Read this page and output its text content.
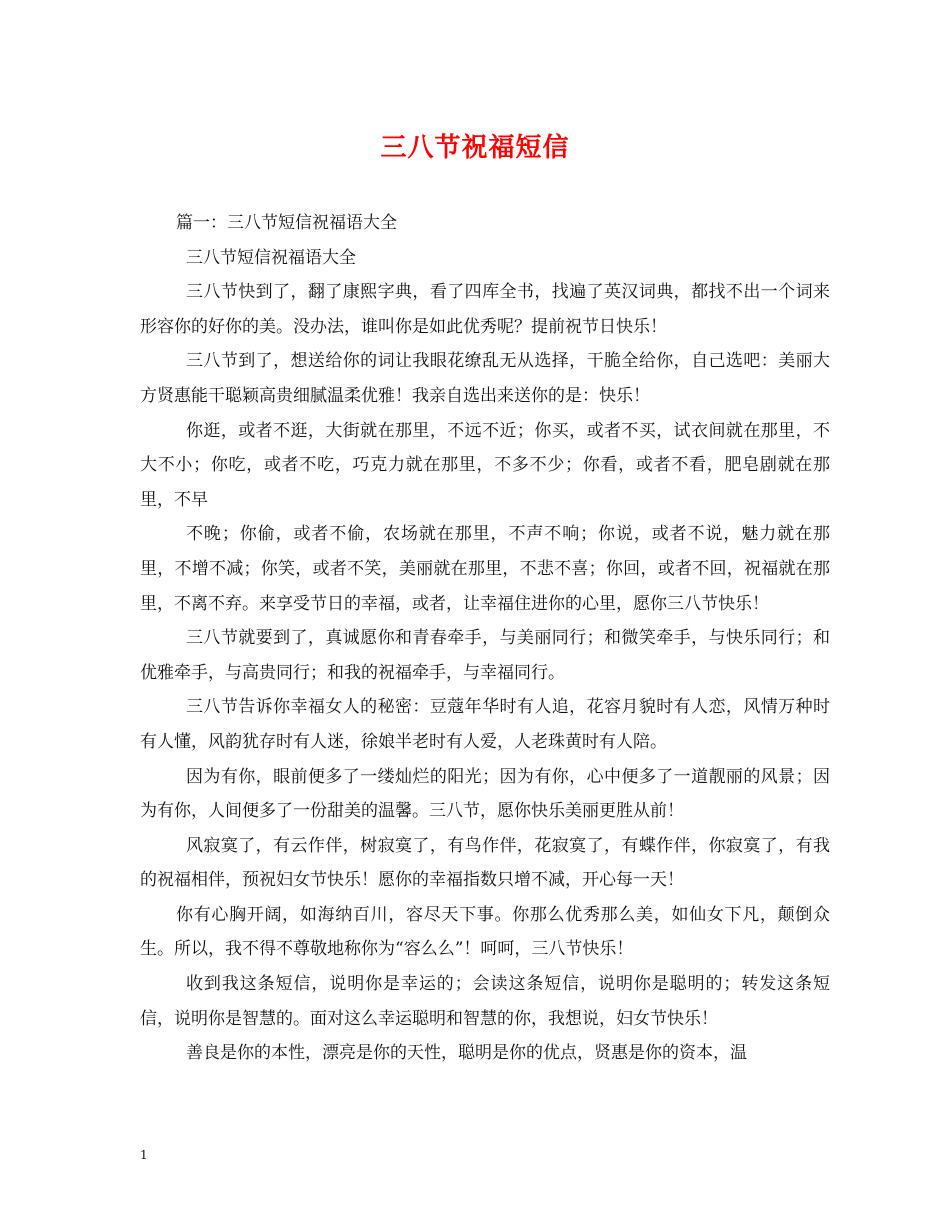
三八节祝福短信

篇一：三八节短信祝福语大全

三八节短信祝福语大全

三八节快到了，翻了康熙字典，看了四库全书，找遍了英汉词典，都找不出一个词来形容你的好你的美。没办法，谁叫你是如此优秀呢？提前祝节日快乐！

三八节到了，想送给你的词让我眼花缭乱无从选择，干脆全给你，自己选吧：美丽大方贤惠能干聪颖高贵细腻温柔优雅！我亲自选出来送你的是：快乐！

你逛，或者不逛，大街就在那里，不远不近；你买，或者不买，试衣间就在那里，不大不小；你吃，或者不吃，巧克力就在那里，不多不少；你看，或者不看，肥皂剧就在那里，不早

不晚；你偷，或者不偷，农场就在那里，不声不响；你说，或者不说，魅力就在那里，不增不减；你笑，或者不笑，美丽就在那里，不悲不喜；你回，或者不回，祝福就在那里，不离不弃。来享受节日的幸福，或者，让幸福住进你的心里，愿你三八节快乐！

三八节就要到了，真诚愿你和青春牵手，与美丽同行；和微笑牵手，与快乐同行；和优雅牵手，与高贵同行；和我的祝福牵手，与幸福同行。

三八节告诉你幸福女人的秘密：豆蔻年华时有人追，花容月貌时有人恋，风情万种时有人懂，风韵犹存时有人迷，徐娘半老时有人爱，人老珠黄时有人陪。

因为有你，眼前便多了一缕灿烂的阳光；因为有你，心中便多了一道靓丽的风景；因为有你，人间便多了一份甜美的温馨。三八节，愿你快乐美丽更胜从前！

风寂寞了，有云作伴，树寂寞了，有鸟作伴，花寂寞了，有蝶作伴，你寂寞了，有我的祝福相伴，预祝妇女节快乐！愿你的幸福指数只增不减，开心每一天！

你有心胸开阔，如海纳百川，容尽天下事。你那么优秀那么美，如仙女下凡，颠倒众生。所以，我不得不尊敬地称你为“容么么”！呵呵，三八节快乐！

收到我这条短信，说明你是幸运的；会读这条短信，说明你是聪明的；转发这条短信，说明你是智慧的。面对这么幸运聪明和智慧的你，我想说，妇女节快乐！

善良是你的本性，漂亮是你的天性，聪明是你的优点，贤惠是你的资本，温

1
